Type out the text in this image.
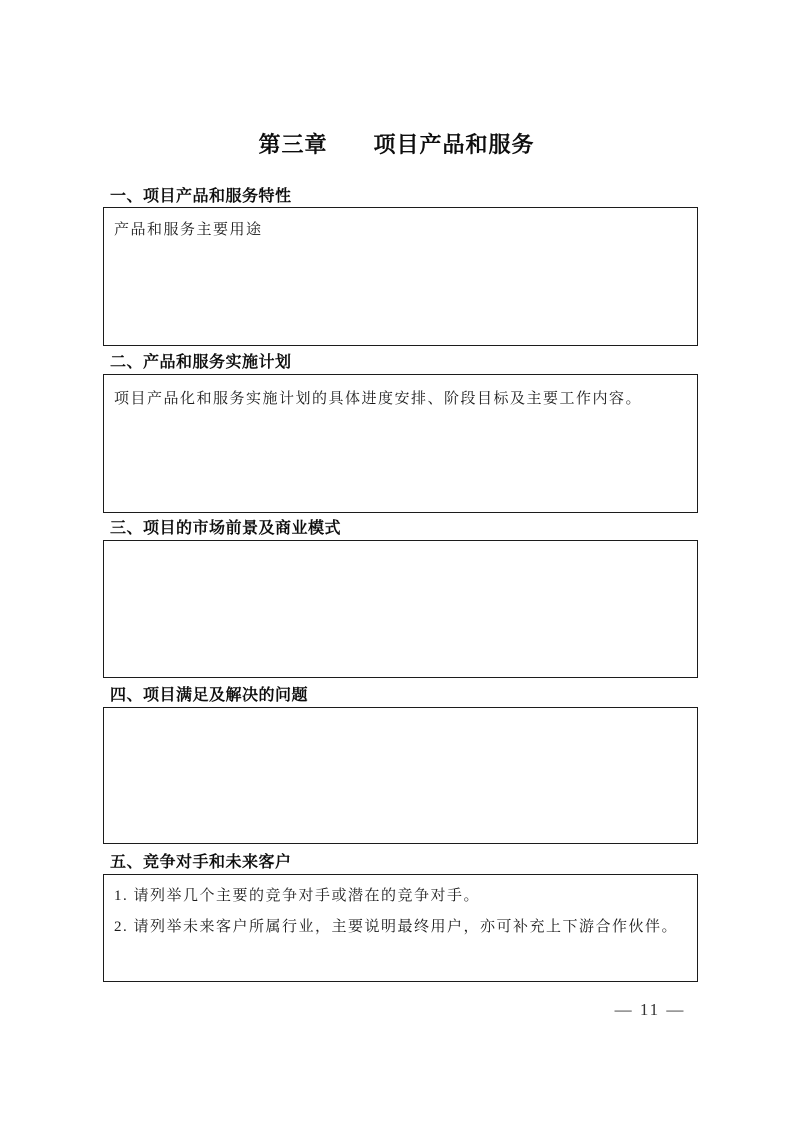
第三章　　项目产品和服务
一、项目产品和服务特性

产品和服务主要用途

二、产品和服务实施计划

项目产品化和服务实施计划的具体进度安排、阶段目标及主要工作内容。

三、项目的市场前景及商业模式
四、项目满足及解决的问题
五、竞争对手和未来客户

1. 请列举几个主要的竞争对手或潜在的竞争对手。

2. 请列举未来客户所属行业，主要说明最终用户，亦可补充上下游合作伙伴。

— 11 —
